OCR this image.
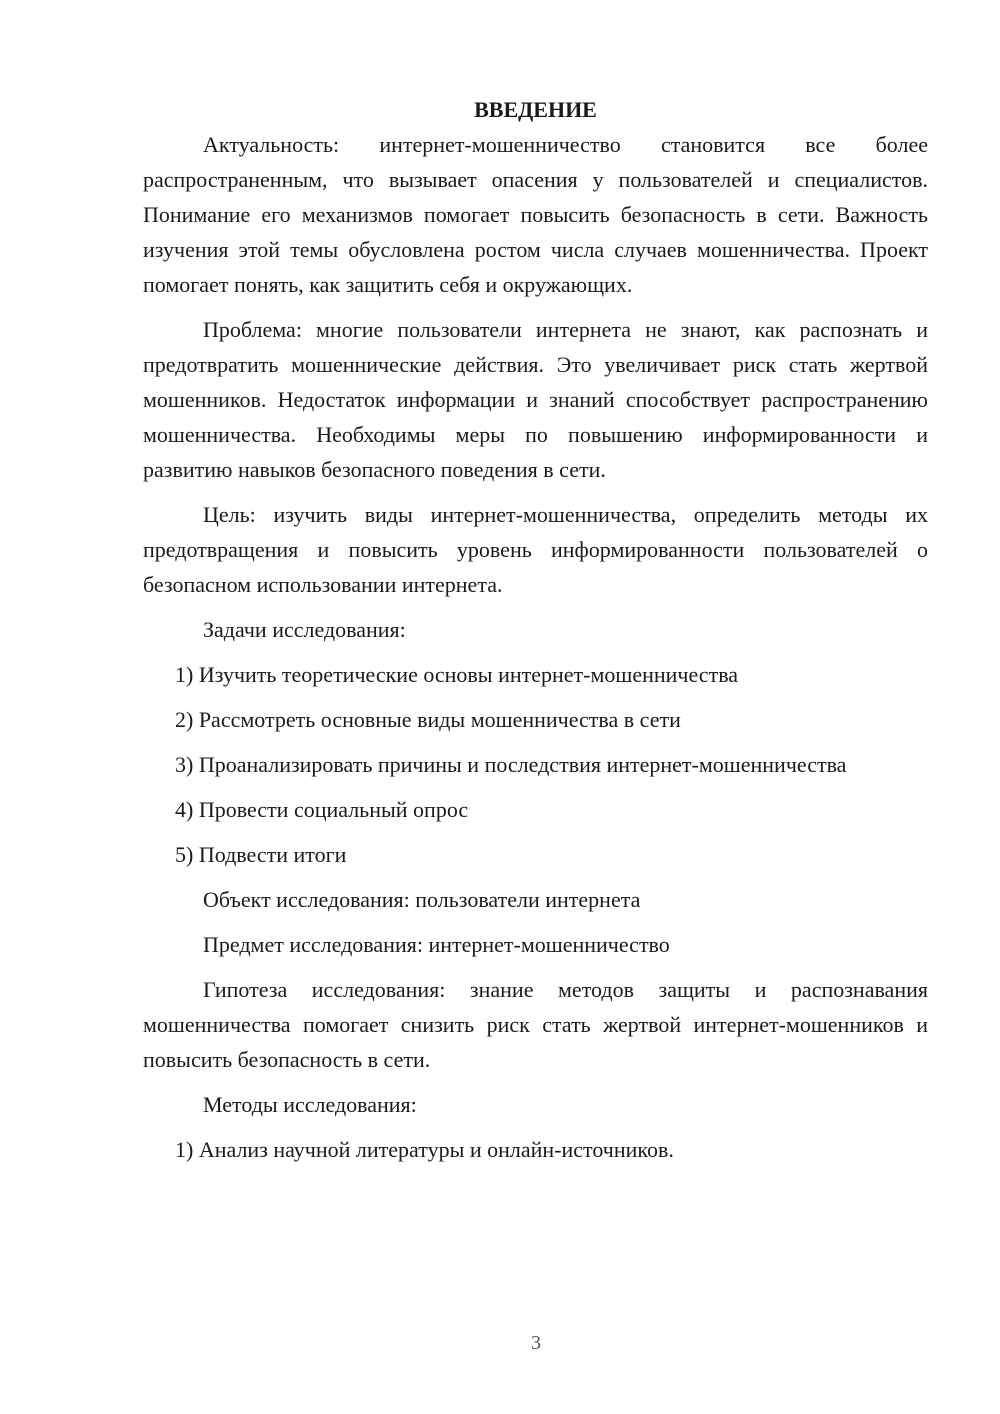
ВВЕДЕНИЕ

Актуальность: интернет-мошенничество становится все более распространенным, что вызывает опасения у пользователей и специалистов. Понимание его механизмов помогает повысить безопасность в сети. Важность изучения этой темы обусловлена ростом числа случаев мошенничества. Проект помогает понять, как защитить себя и окружающих.

Проблема: многие пользователи интернета не знают, как распознать и предотвратить мошеннические действия. Это увеличивает риск стать жертвой мошенников. Недостаток информации и знаний способствует распространению мошенничества. Необходимы меры по повышению информированности и развитию навыков безопасного поведения в сети.

Цель: изучить виды интернет-мошенничества, определить методы их предотвращения и повысить уровень информированности пользователей о безопасном использовании интернета.

Задачи исследования:

1) Изучить теоретические основы интернет-мошенничества

2) Рассмотреть основные виды мошенничества в сети

3) Проанализировать причины и последствия интернет-мошенничества

4) Провести социальный опрос

5) Подвести итоги

Объект исследования: пользователи интернета

Предмет исследования: интернет-мошенничество

Гипотеза исследования: знание методов защиты и распознавания мошенничества помогает снизить риск стать жертвой интернет-мошенников и повысить безопасность в сети.

Методы исследования:

1) Анализ научной литературы и онлайн-источников.

3
